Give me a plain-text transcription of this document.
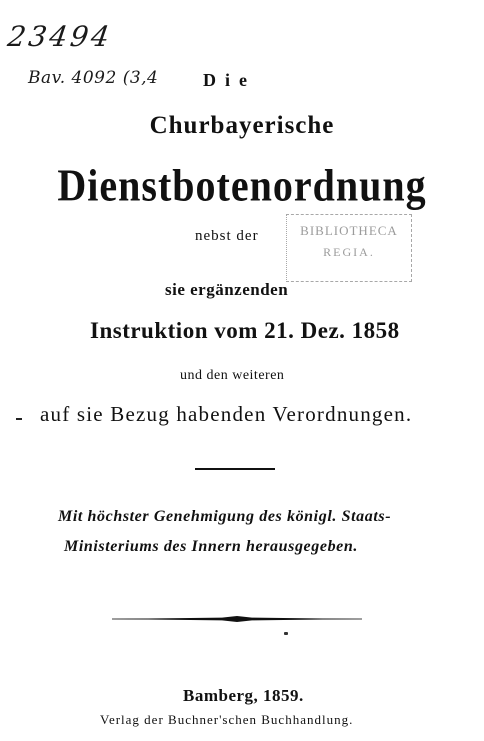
23494

Bav. 4092 (3,4 Die

Churbayerische

Dienstbotenordnung

nebst der	BIBLIOTHECA
REGIA.

sie ergänzenden

Instruktion vom 21. Dez. 1858

und den weiteren

auf sie Bezug habenden Verordnungen.

Mit höchster Genehmigung des königl. Staats-

Ministeriums des Innern herausgegeben.

Bamberg, 1859.

Verlag der Buchner'schen Buchhandlung.
